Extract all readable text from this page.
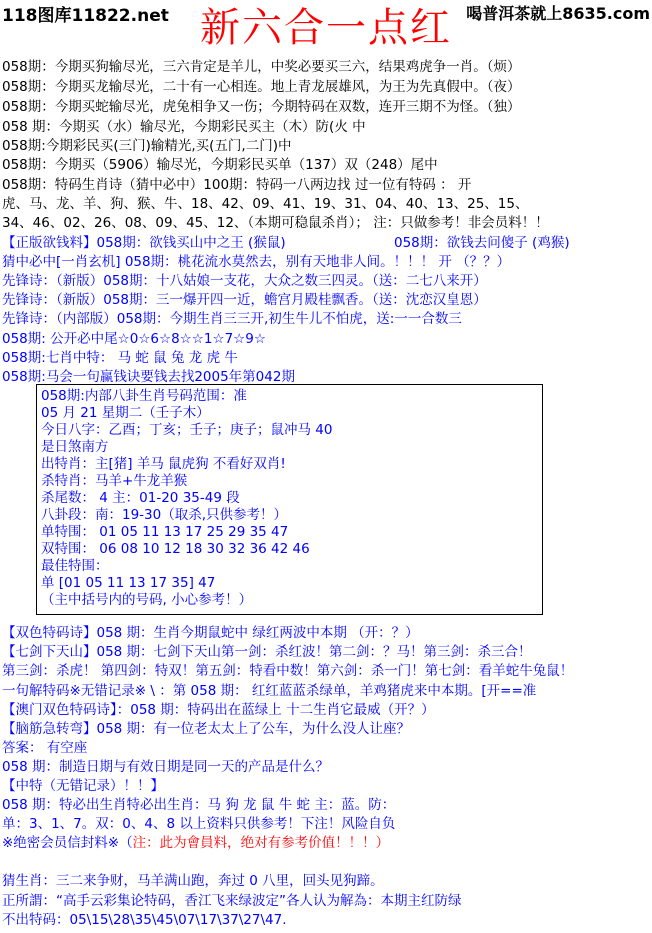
118图库11822.net 新六合一点红 喝普洱茶就上8635.com
058期：今期买狗输尽光，三六肯定是羊儿，中奖必要买三六，结果鸡虎争一肖。（烦）
058期：今期买龙输尽光，二十有一心相连。地上青龙展雄风，为王为先真假中。（夜）
058期：今期买蛇输尽光，虎兔相争又一伤；今期特码在双数，连开三期不为怪。（独）
058 期：今期买（水）输尽光，今期彩民买主（木）防(火 中
058期:今期彩民买(三门)输精光,买(五门,二门)中
058期：今期买（5906）输尽光，今期彩民买单（137）双（248）尾中
058期：特码生肖诗（猜中必中）100期：特码一八两边找 过一位有特码 ： 开
虎、马、龙、羊、狗、猴、牛、18、42、09、41、19、31、04、40、13、25、15、
34、46、02、26、08、09、45、12、（本期可稳鼠杀肖）； 注：只做参考！非会员料！！
【正版欲钱料】058期：欲钱买山中之王 (猴鼠)	058期：欲钱去问傻子 (鸡猴)
猜中必中[一肖玄机] 058期：桃花流水莫然去，别有天地非人间。！！！ 开 （？？）
先锋诗：（新版）058期：十八姑娘一支花，大众之数三四灵。（送：二七八来开）
先锋诗：（新版）058期：三一爆开四一近，蟾宫月殿桂飘香。（送：沈恋汉皇恩）
先锋诗：（内部版）058期：今期生肖三三开,初生牛儿不怕虎，送:一一合数三
058期: 公开必中尾☆0☆6☆8☆☆1☆7☆9☆
058期:七肖中特： 马 蛇 鼠 兔 龙 虎 牛
058期:马会一句赢钱诀要钱去找2005年第042期
058期:内部八卦生肖号码范围：准
05 月 21 星期二（壬子木）
今日八字：乙酉；丁亥；壬子；庚子；鼠冲马 40
是日煞南方
出特肖：主[猪] 羊马 鼠虎狗 不看好双肖!
杀特肖：马羊+牛龙羊猴
杀尾数： 4 主：01-20 35-49 段
八卦段：南：19-30（取杀,只供参考！）
单特围： 01 05 11 13 17 25 29 35 47
双特围： 06 08 10 12 18 30 32 36 42 46
最佳特围：
单 [01 05 11 13 17 35] 47
（主中括号内的号码, 小心参考！）
【双色特码诗】058 期：生肖今期鼠蛇中 绿红两波中本期 （开：？）
【七剑下天山】058 期：七剑下天山第一剑：杀红波！第二剑：？马！第三剑：杀三合！
第三剑：杀虎！ 第四剑：特双！第五剑：特看中数！第六剑：杀一门！第七剑：看羊蛇牛兔鼠！
一句解特码※无错记录※ \ ：第 058 期： 红红蓝蓝杀绿单，羊鸡猪虎来中本期。[开==准
【澳门双色特码诗】：058 期：特码出在蓝绿上 十二生肖它最威（开？）
【脑筋急转弯】058 期：有一位老太太上了公车，为什么没人让座？
答案： 有空座
058 期：制造日期与有效日期是同一天的产品是什么？
【中特（无错记录）！！】
058 期：特必出生肖特必出生肖：马 狗 龙 鼠 牛 蛇 主：蓝。防：
单：3、1、7。双：0、4、8 以上资料只供参考！下注！风险自负
※绝密会员信封料※（注：此为會員料，绝对有参考价值！！！）
猜生肖：三二来争财，马羊满山跑，奔过 0 八里，回头见狗蹄。
正所謂：“高手云彩集论特码，香江飞来绿波定”各人认为解為：本期主红防绿
不出特码：05\15\28\35\45\07\17\37\27\47.
